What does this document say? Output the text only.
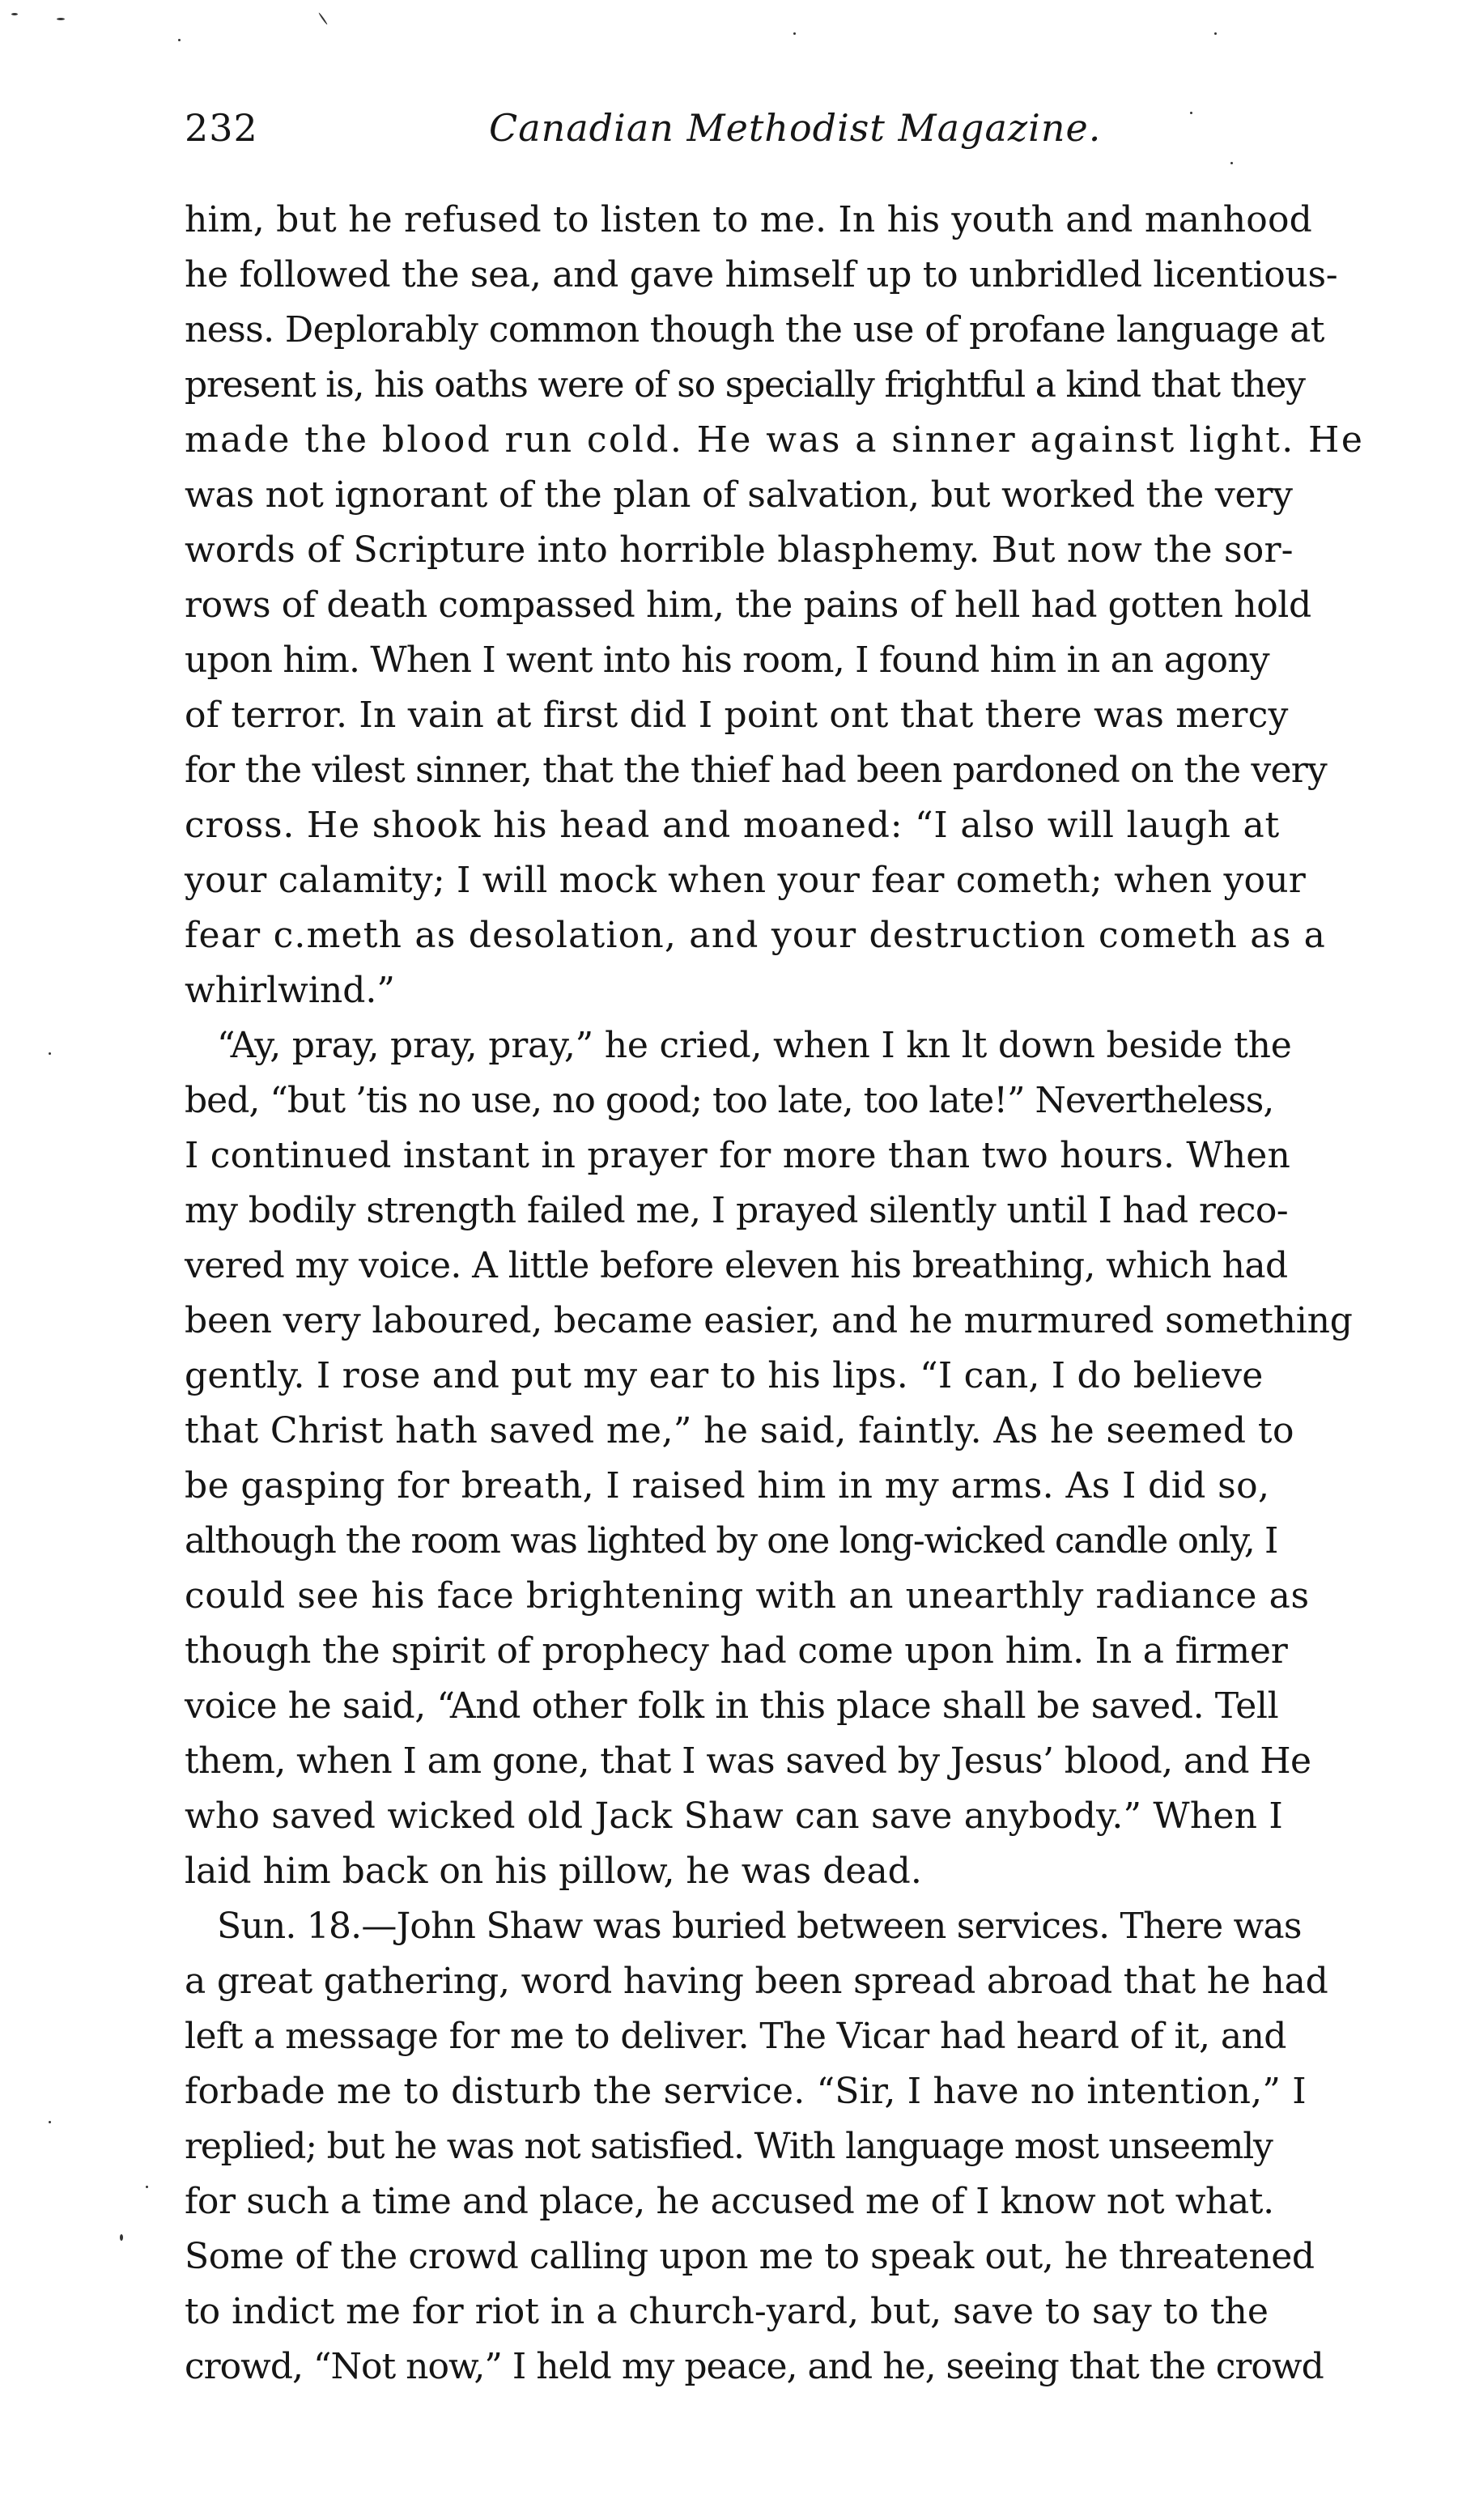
232	Canadian Methodist Magazine.
him, but he refused to listen to me. In his youth and manhood
he followed the sea, and gave himself up to unbridled licentious-
ness. Deplorably common though the use of profane language at
present is, his oaths were of so specially frightful a kind that they
made the blood run cold. He was a sinner against light. He
was not ignorant of the plan of salvation, but worked the very
words of Scripture into horrible blasphemy. But now the sor-
rows of death compassed him, the pains of hell had gotten hold
upon him. When I went into his room, I found him in an agony
of terror. In vain at first did I point ont that there was mercy
for the vilest sinner, that the thief had been pardoned on the very
cross. He shook his head and moaned: “I also will laugh at
your calamity; I will mock when your fear cometh; when your
fear c.meth as desolation, and your destruction cometh as a
whirlwind.”
“Ay, pray, pray, pray,” he cried, when I kn lt down beside the
bed, “but ’tis no use, no good; too late, too late!” Nevertheless,
I continued instant in prayer for more than two hours. When
my bodily strength failed me, I prayed silently until I had reco-
vered my voice. A little before eleven his breathing, which had
been very laboured, became easier, and he murmured something
gently. I rose and put my ear to his lips. “I can, I do believe
that Christ hath saved me,” he said, faintly. As he seemed to
be gasping for breath, I raised him in my arms. As I did so,
although the room was lighted by one long-wicked candle only, I
could see his face brightening with an unearthly radiance as
though the spirit of prophecy had come upon him. In a firmer
voice he said, “And other folk in this place shall be saved. Tell
them, when I am gone, that I was saved by Jesus’ blood, and He
who saved wicked old Jack Shaw can save anybody.” When I
laid him back on his pillow, he was dead.
Sun. 18.—John Shaw was buried between services. There was
a great gathering, word having been spread abroad that he had
left a message for me to deliver. The Vicar had heard of it, and
forbade me to disturb the service. “Sir, I have no intention,” I
replied; but he was not satisfied. With language most unseemly
for such a time and place, he accused me of I know not what.
Some of the crowd calling upon me to speak out, he threatened
to indict me for riot in a church-yard, but, save to say to the
crowd, “Not now,” I held my peace, and he, seeing that the crowd
